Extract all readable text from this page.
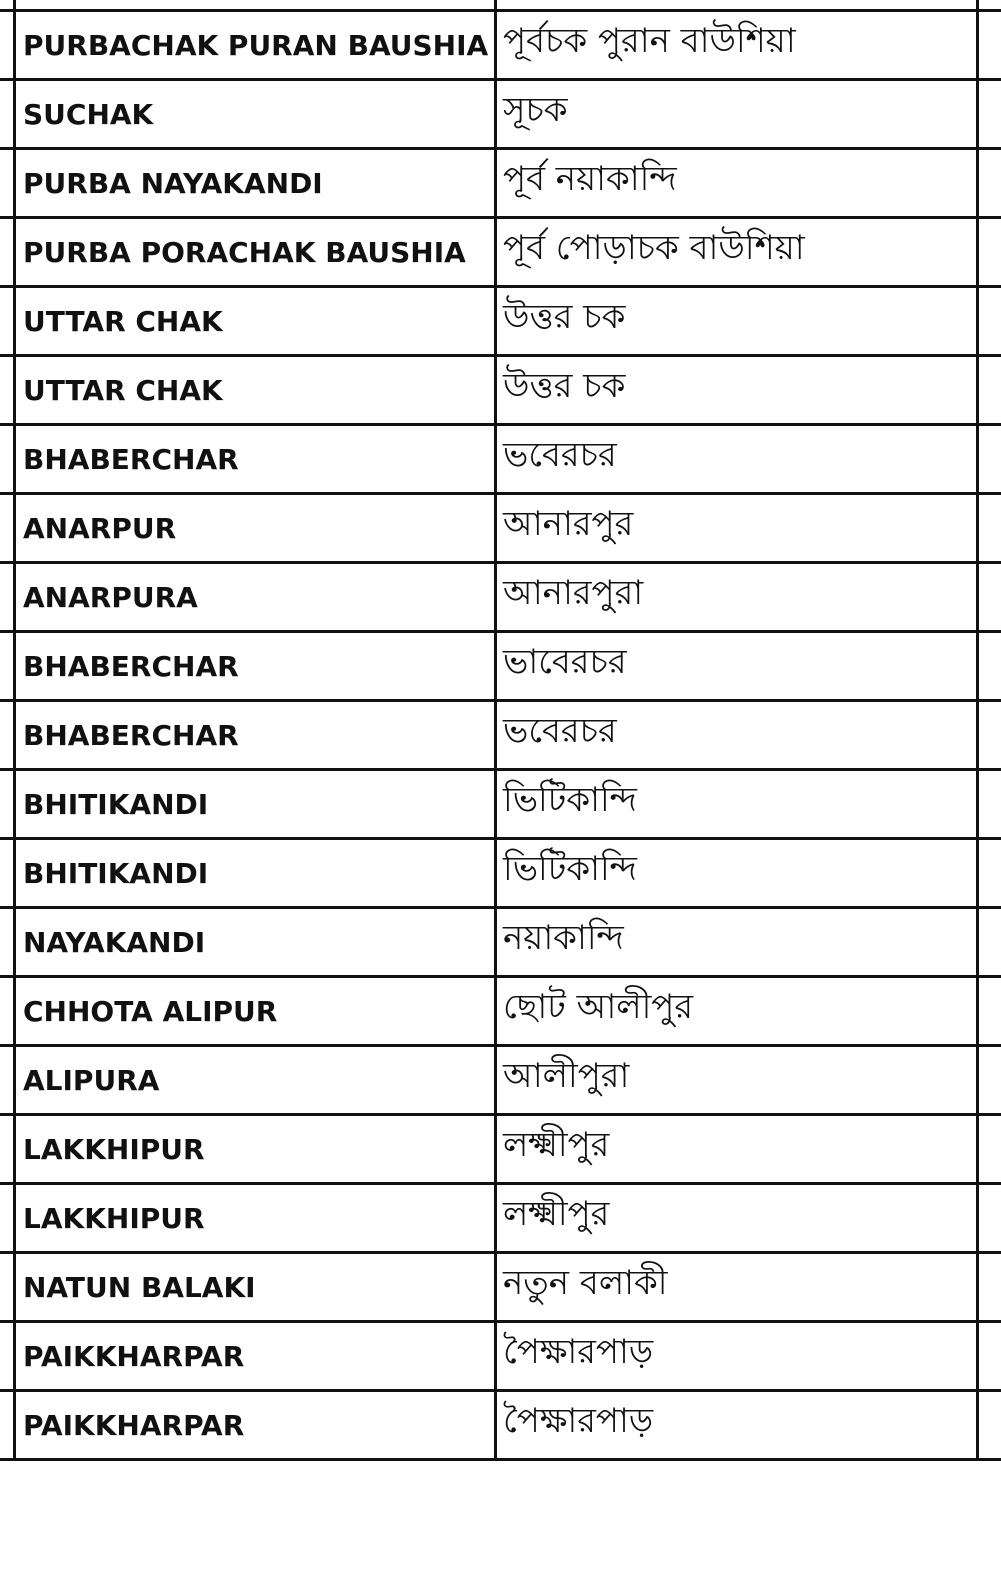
PURBACHAK PURAN BAUSHIA পূর্বচক পুরান বাউশিয়া
SUCHAK	সূচক
PURBA NAYAKANDI	পূর্ব নয়াকান্দি
PURBA PORACHAK BAUSHIA পূর্ব পোড়াচক বাউশিয়া
UTTAR CHAK	উত্তর চক
UTTAR CHAK	উত্তর চক
BHABERCHAR	ভবেরচর
ANARPUR	আনারপুর
ANARPURA	আনারপুরা
BHABERCHAR	ভাবেরচর
BHABERCHAR	ভবেরচর
BHITIKANDI	ভিটিকান্দি
BHITIKANDI	ভিটিকান্দি
NAYAKANDI	নয়াকান্দি
CHHOTA ALIPUR	ছোট আলীপুর
ALIPURA	আলীপুরা
LAKKHIPUR	লক্ষ্মীপুর
LAKKHIPUR	লক্ষ্মীপুর
NATUN BALAKI	নতুন বলাকী
PAIKKHARPAR	পৈক্ষারপাড়
PAIKKHARPAR	পৈক্ষারপাড়
